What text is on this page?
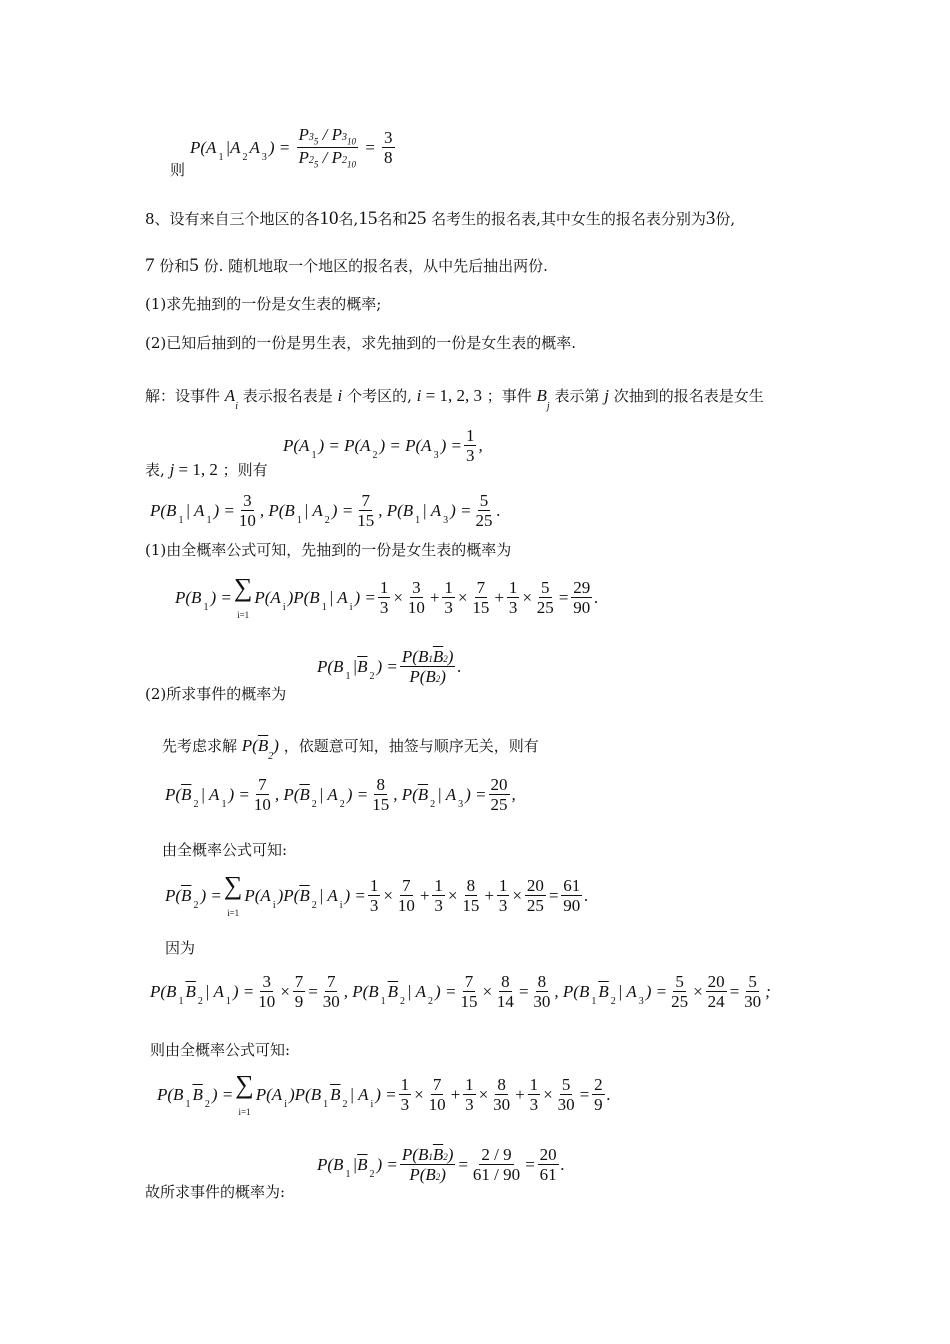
则
P(A 1 |A 2 A 3 ) = $\frac{P3_5 / P3_{10}}{P2_5 / P2_{10}} = \frac{3}{8}$
8、设有来自三个地区的各10名,15名和25 名考生的报名表,其中女生的报名表分别为3份,
7 份和5 份. 随机地取一个地区的报名表，从中先后抽出两份.
(1)求先抽到的一份是女生表的概率;
(2)已知后抽到的一份是男生表，求先抽到的一份是女生表的概率.
解：设事件 $A_i$ 表示报名表是 i 个考区的, i = 1, 2, 3 ；事件 $B_j$ 表示第 j 次抽到的报名表是女生
表, j = 1, 2 ；则有
P(A 1 ) = P(A 2 ) = P(A 3 ) = $\frac{1}{3}$ ,
P(B 1 | A 1 ) = $\frac{3}{10}$ , P(B 1 | A 2 ) = $\frac{7}{15}$ , P(B 1 | A 3 ) = $\frac{5}{25}$ .
(1)由全概率公式可知，先抽到的一份是女生表的概率为
P(B 1 ) = ∑
i=1
P(A i )P(B 1 | A i ) = $\frac{1}{3} \times \frac{3}{10} + \frac{1}{3} \times \frac{7}{15} + \frac{1}{3} \times \frac{5}{25} = \frac{29}{90}$ .
P(B 1 | $\overline{B}$ 2 ) = $\frac{P(B1\overline{B}2)}{P(\overline{B}2)}$ .
(2)所求事件的概率为
先考虑求解 $P(\overline{B}_2)$ ，依题意可知，抽签与顺序无关，则有
P( $\overline{B}$ 2 | A 1 ) = $\frac{7}{10}$ , P( $\overline{B}$ 2 | A 2 ) = $\frac{8}{15}$ , P( $\overline{B}$ 2 | A 3 ) = $\frac{20}{25}$ ,
由全概率公式可知:
P( $\overline{B}$ 2 ) = ∑
i=1
P(A i )P( $\overline{B}$ 2 | A i ) = $\frac{1}{3} \times \frac{7}{10} + \frac{1}{3} \times \frac{8}{15} + \frac{1}{3} \times \frac{20}{25} = \frac{61}{90}$ .
因为
P(B 1 $\overline{B}$ 2 | A 1 ) = $\frac{3}{10} \times \frac{7}{9} = \frac{7}{30}$ , P(B 1 $\overline{B}$ 2 | A 2 ) = $\frac{7}{15} \times \frac{8}{14} = \frac{8}{30}$ , P(B 1 $\overline{B}$ 2 | A 3 ) = $\frac{5}{25} \times \frac{20}{24} = \frac{5}{30}$ ;
则由全概率公式可知:
P(B 1 $\overline{B}$ 2 ) = ∑
i=1
P(A i )P(B 1 $\overline{B}$ 2 | A i ) = $\frac{1}{3} \times \frac{7}{10} + \frac{1}{3} \times \frac{8}{30} + \frac{1}{3} \times \frac{5}{30} = \frac{2}{9}$ .
P(B 1 | $\overline{B}$ 2 ) = $\frac{P(B1\overline{B}2)}{P(\overline{B}2)} = \frac{2 / 9}{61 / 90} = \frac{20}{61}$ .
故所求事件的概率为:
